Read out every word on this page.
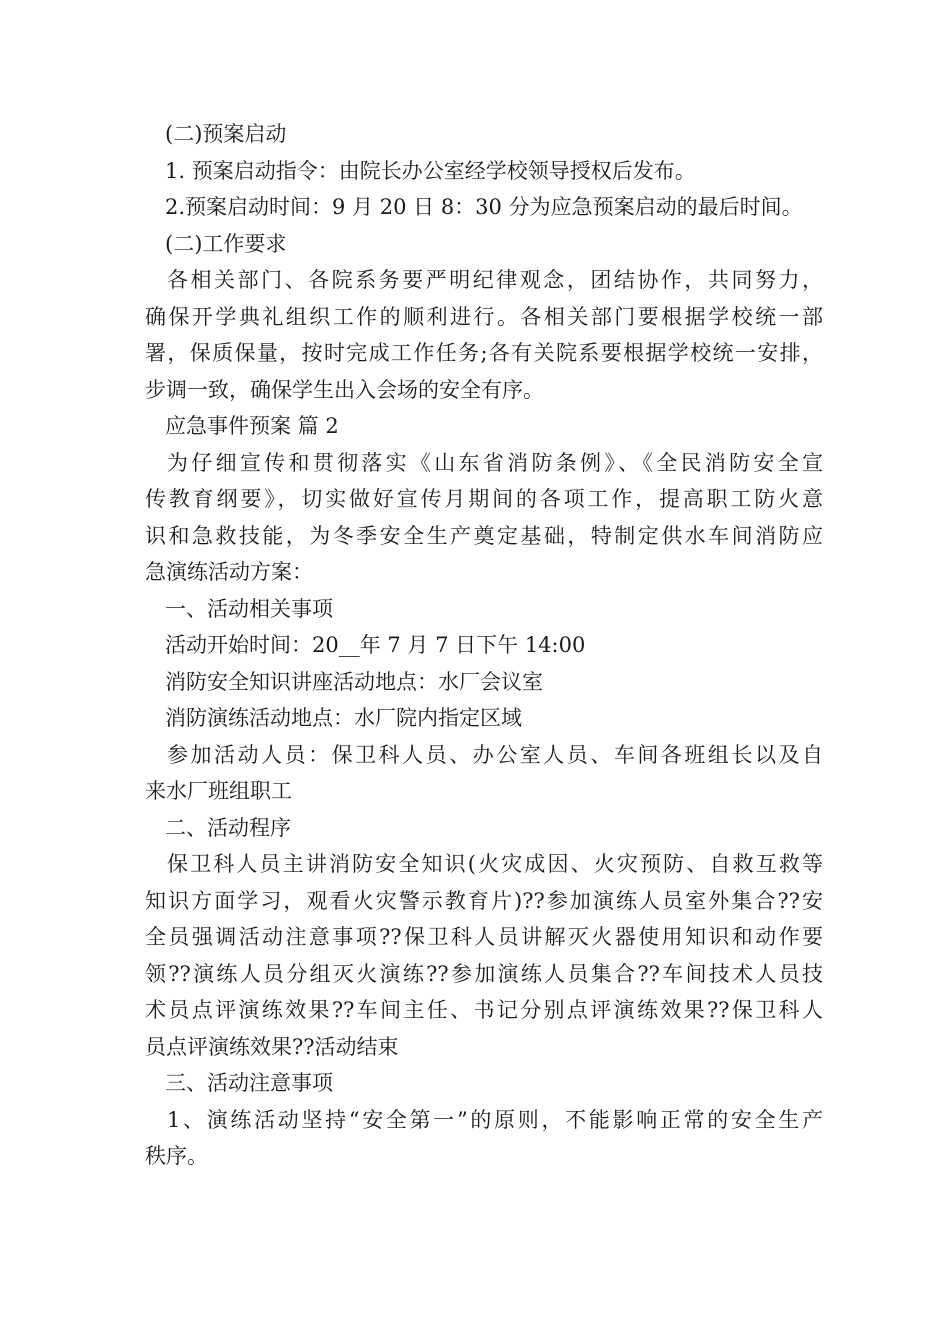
(二)预案启动
1. 预案启动指令：由院长办公室经学校领导授权后发布。
2.预案启动时间：9 月 20 日 8：30 分为应急预案启动的最后时间。
(二)工作要求
各相关部门、各院系务要严明纪律观念，团结协作，共同努力，
确保开学典礼组织工作的顺利进行。各相关部门要根据学校统一部
署，保质保量，按时完成工作任务;各有关院系要根据学校统一安排，
步调一致，确保学生出入会场的安全有序。
应急事件预案 篇 2
为仔细宣传和贯彻落实《山东省消防条例》、《全民消防安全宣
传教育纲要》，切实做好宣传月期间的各项工作，提高职工防火意
识和急救技能，为冬季安全生产奠定基础，特制定供水车间消防应
急演练活动方案：
一、活动相关事项
活动开始时间：20__年 7 月 7 日下午 14:00
消防安全知识讲座活动地点：水厂会议室
消防演练活动地点：水厂院内指定区域
参加活动人员：保卫科人员、办公室人员、车间各班组长以及自
来水厂班组职工
二、活动程序
保卫科人员主讲消防安全知识(火灾成因、火灾预防、自救互救等
知识方面学习，观看火灾警示教育片)??参加演练人员室外集合??安
全员强调活动注意事项??保卫科人员讲解灭火器使用知识和动作要
领??演练人员分组灭火演练??参加演练人员集合??车间技术人员技
术员点评演练效果??车间主任、书记分别点评演练效果??保卫科人
员点评演练效果??活动结束
三、活动注意事项
1、演练活动坚持“安全第一”的原则，不能影响正常的安全生产
秩序。
